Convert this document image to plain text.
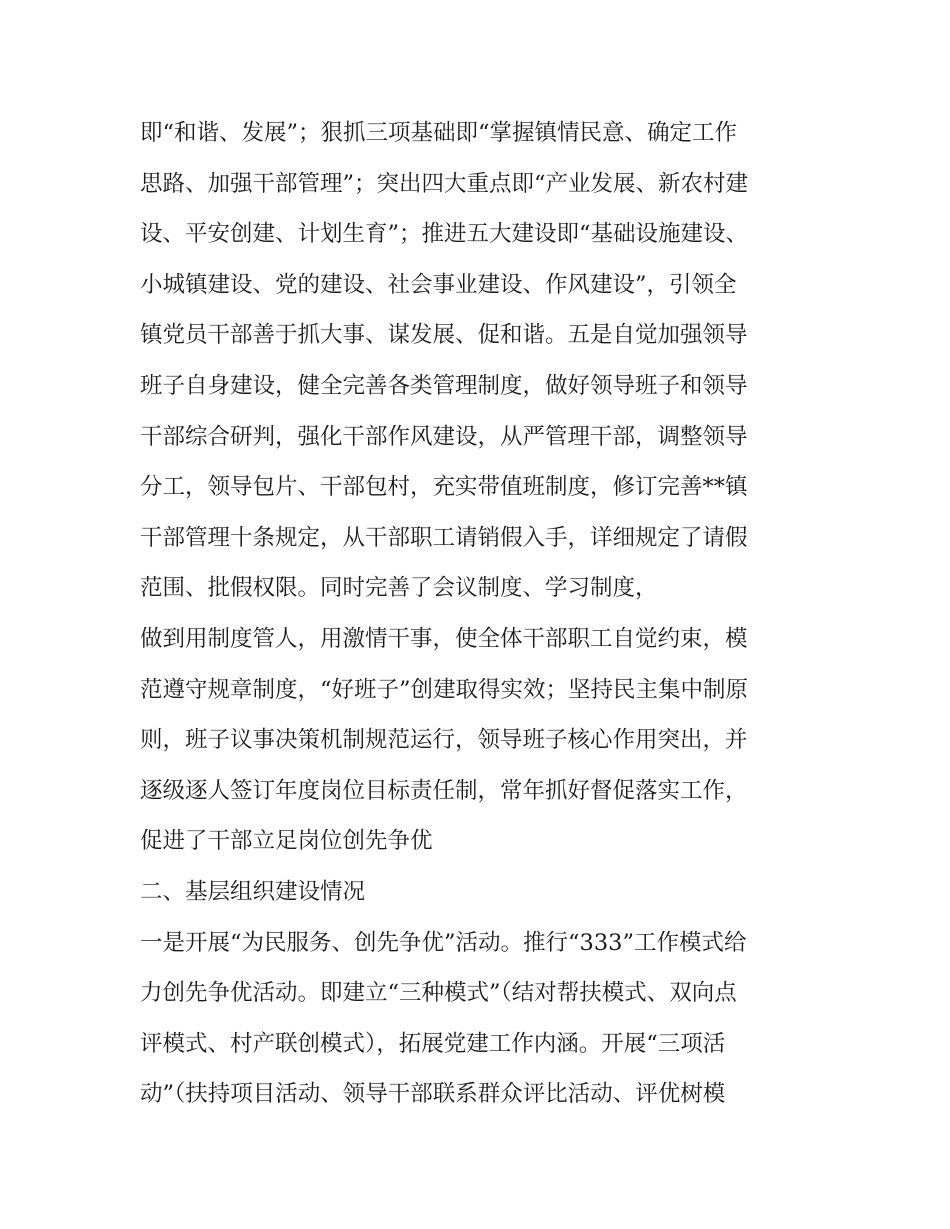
即“和谐、发展”；狠抓三项基础即“掌握镇情民意、确定工作
思路、加强干部管理”；突出四大重点即“产业发展、新农村建
设、平安创建、计划生育”；推进五大建设即“基础设施建设、
小城镇建设、党的建设、社会事业建设、作风建设”，引领全
镇党员干部善于抓大事、谋发展、促和谐。五是自觉加强领导
班子自身建设，健全完善各类管理制度，做好领导班子和领导
干部综合研判，强化干部作风建设，从严管理干部，调整领导
分工，领导包片、干部包村，充实带值班制度，修订完善**镇
干部管理十条规定，从干部职工请销假入手，详细规定了请假
范围、批假权限。同时完善了会议制度、学习制度，
做到用制度管人，用激情干事，使全体干部职工自觉约束，模
范遵守规章制度，“好班子”创建取得实效；坚持民主集中制原
则，班子议事决策机制规范运行，领导班子核心作用突出，并
逐级逐人签订年度岗位目标责任制，常年抓好督促落实工作，
促进了干部立足岗位创先争优
二、基层组织建设情况
一是开展“为民服务、创先争优”活动。推行“333”工作模式给
力创先争优活动。即建立“三种模式”（结对帮扶模式、双向点
评模式、村产联创模式），拓展党建工作内涵。开展“三项活
动”（扶持项目活动、领导干部联系群众评比活动、评优树模
